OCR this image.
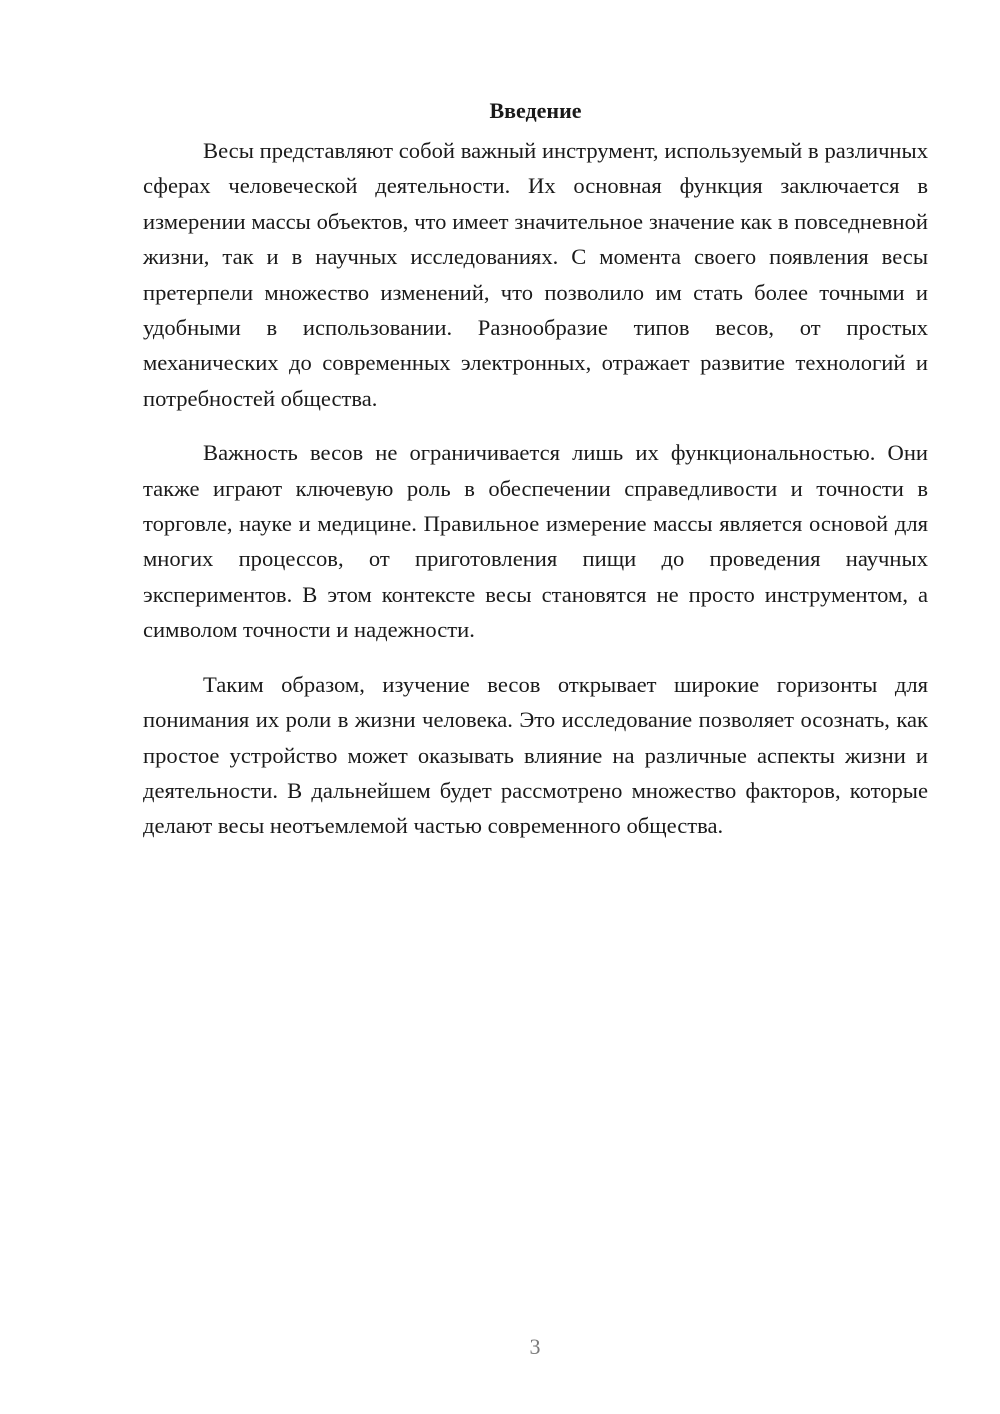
Введение

Весы представляют собой важный инструмент, используемый в различных сферах человеческой деятельности. Их основная функция заключается в измерении массы объектов, что имеет значительное значение как в повседневной жизни, так и в научных исследованиях. С момента своего появления весы претерпели множество изменений, что позволило им стать более точными и удобными в использовании. Разнообразие типов весов, от простых механических до современных электронных, отражает развитие технологий и потребностей общества.

Важность весов не ограничивается лишь их функциональностью. Они также играют ключевую роль в обеспечении справедливости и точности в торговле, науке и медицине. Правильное измерение массы является основой для многих процессов, от приготовления пищи до проведения научных экспериментов. В этом контексте весы становятся не просто инструментом, а символом точности и надежности.

Таким образом, изучение весов открывает широкие горизонты для понимания их роли в жизни человека. Это исследование позволяет осознать, как простое устройство может оказывать влияние на различные аспекты жизни и деятельности. В дальнейшем будет рассмотрено множество факторов, которые делают весы неотъемлемой частью современного общества.

3
